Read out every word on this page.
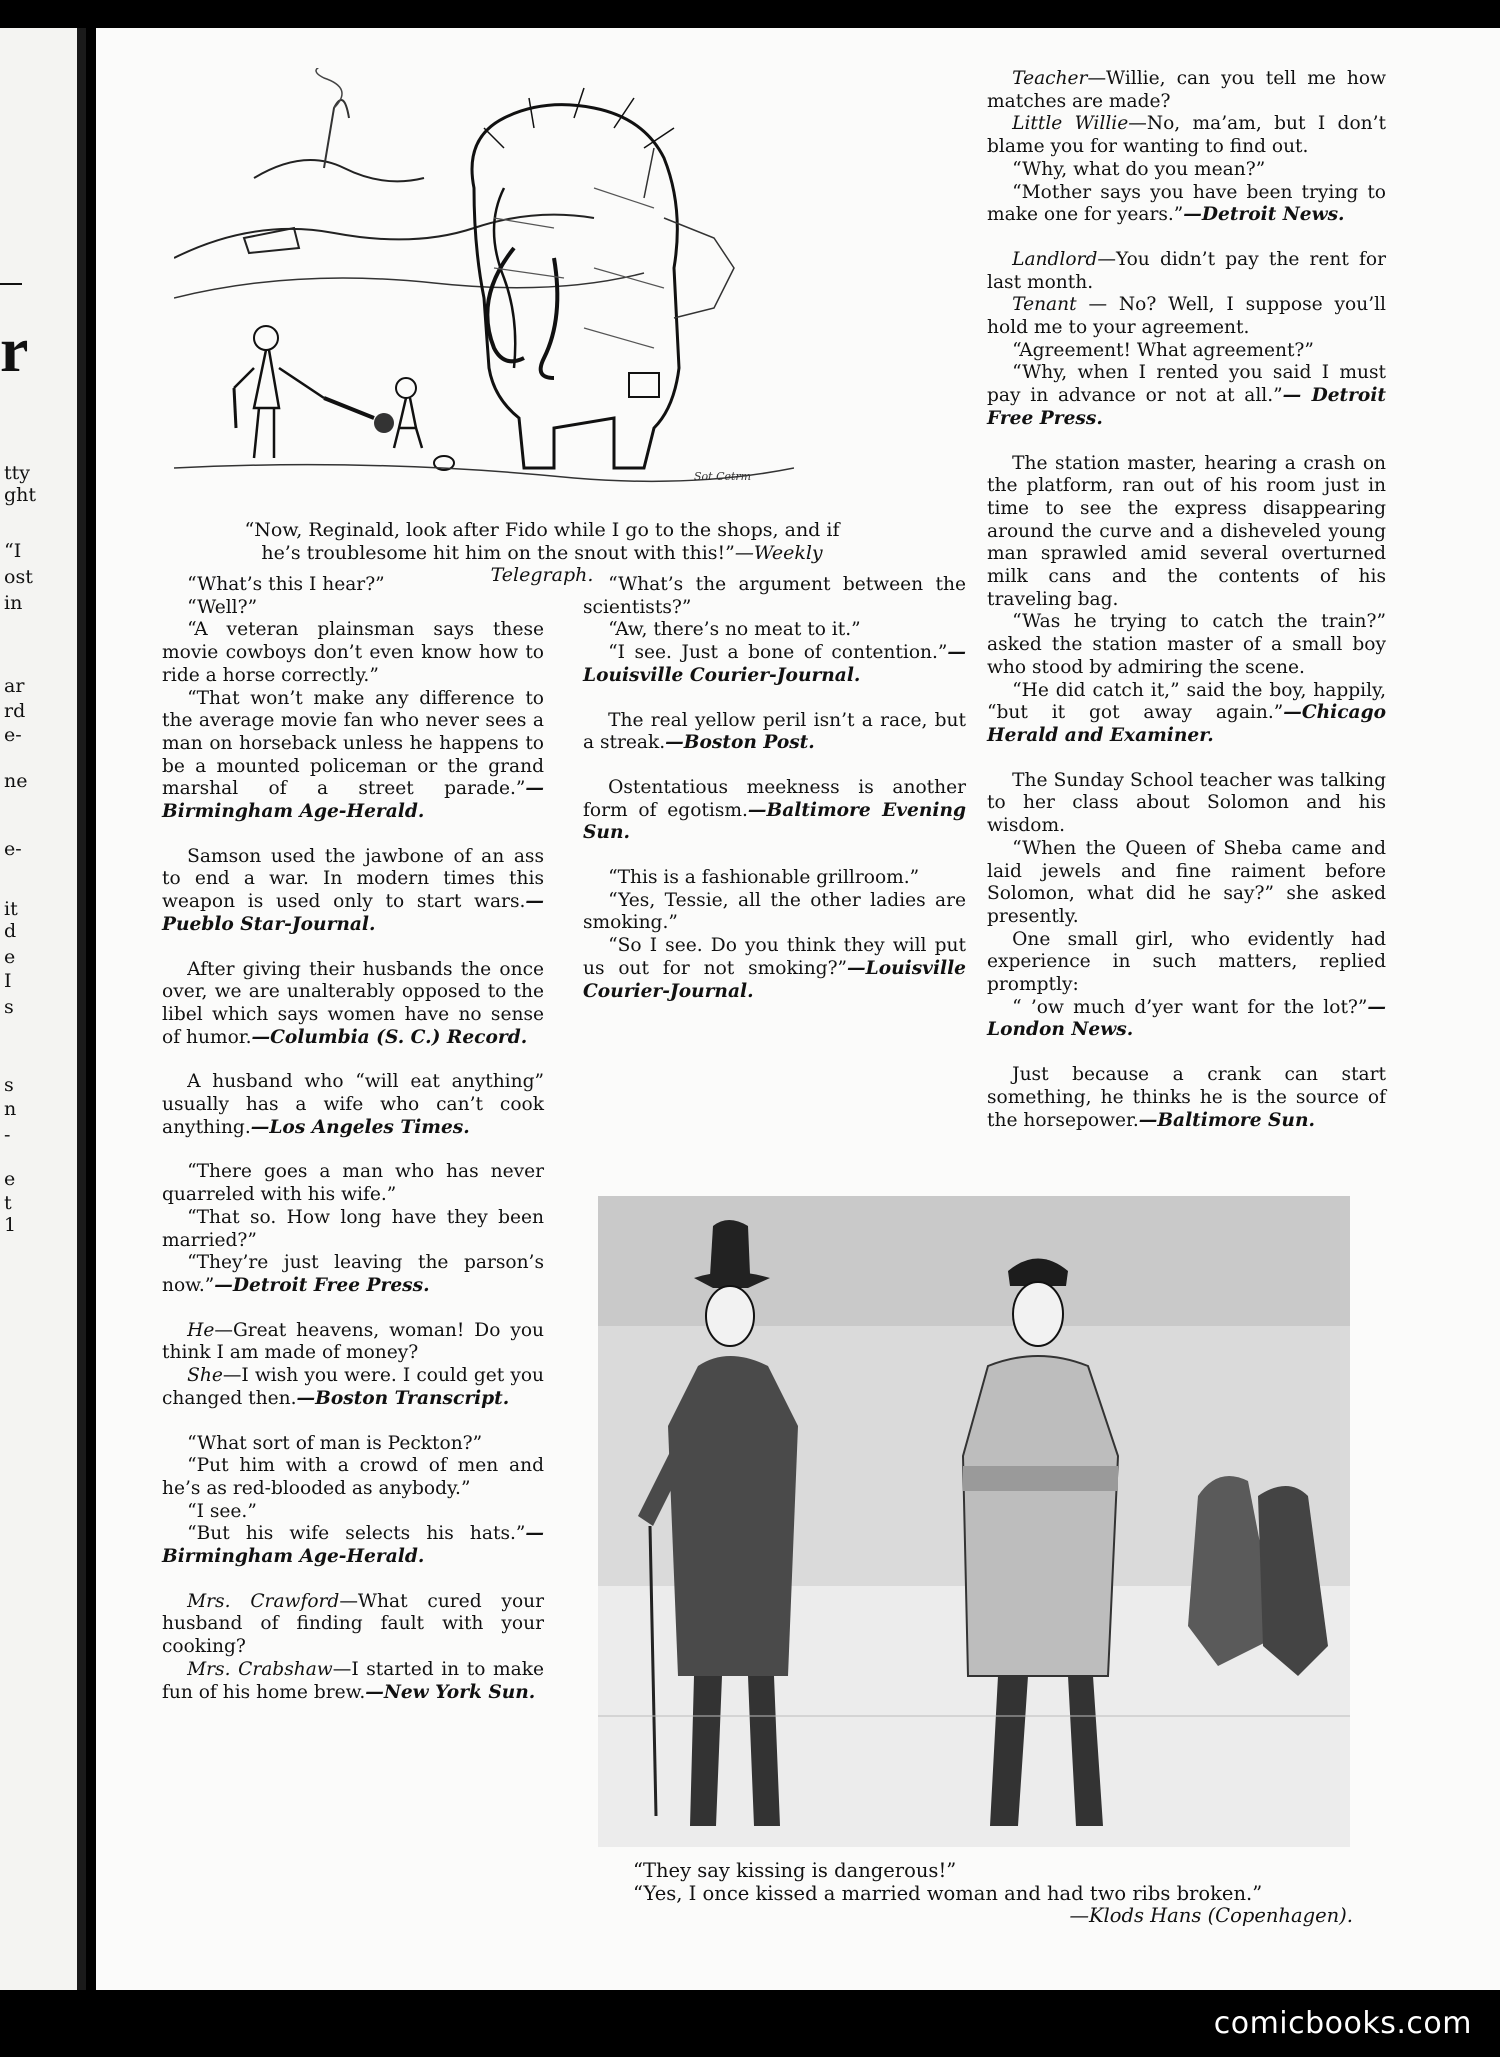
r
tty
ght
“I
ost
in
ar
rd
e-
ne
e-
it
d
e
I
s
s
n
-
e
t
1
Sot Cetrm
“Now, Reginald, look after Fido while I go to the shops, and if he’s troublesome hit him on the snout with this!”—Weekly Telegraph.

“What’s this I hear?”

“Well?”

“A veteran plainsman says these movie cowboys don’t even know how to ride a horse correctly.”

“That won’t make any difference to the average movie fan who never sees a man on horseback unless he happens to be a mounted policeman or the grand marshal of a street parade.”—Birmingham Age-Herald.

Samson used the jawbone of an ass to end a war. In modern times this weapon is used only to start wars.—Pueblo Star-Journal.

After giving their husbands the once over, we are unalterably opposed to the libel which says women have no sense of humor.—Columbia (S. C.) Record.

A husband who “will eat anything” usually has a wife who can’t cook anything.—Los Angeles Times.

“There goes a man who has never quarreled with his wife.”

“That so. How long have they been married?”

“They’re just leaving the parson’s now.”—Detroit Free Press.

He—Great heavens, woman! Do you think I am made of money?

She—I wish you were. I could get you changed then.—Boston Transcript.

“What sort of man is Peckton?”

“Put him with a crowd of men and he’s as red-blooded as anybody.”

“I see.”

“But his wife selects his hats.”—Birmingham Age-Herald.

Mrs. Crawford—What cured your husband of finding fault with your cooking?

Mrs. Crabshaw—I started in to make fun of his home brew.—New York Sun.

“What’s the argument between the scientists?”

“Aw, there’s no meat to it.”

“I see. Just a bone of contention.”—Louisville Courier-Journal.

The real yellow peril isn’t a race, but a streak.—Boston Post.

Ostentatious meekness is another form of egotism.—Baltimore Evening Sun.

“This is a fashionable grillroom.”

“Yes, Tessie, all the other ladies are smoking.”

“So I see. Do you think they will put us out for not smoking?”—Louisville Courier-Journal.

Teacher—Willie, can you tell me how matches are made?

Little Willie—No, ma’am, but I don’t blame you for wanting to find out.

“Why, what do you mean?”

“Mother says you have been trying to make one for years.”—Detroit News.

Landlord—You didn’t pay the rent for last month.

Tenant — No? Well, I suppose you’ll hold me to your agreement.

“Agreement! What agreement?”

“Why, when I rented you said I must pay in advance or not at all.”— Detroit Free Press.

The station master, hearing a crash on the platform, ran out of his room just in time to see the express disappearing around the curve and a disheveled young man sprawled amid several overturned milk cans and the contents of his traveling bag.

“Was he trying to catch the train?” asked the station master of a small boy who stood by admiring the scene.

“He did catch it,” said the boy, happily, “but it got away again.”—Chicago Herald and Examiner.

The Sunday School teacher was talking to her class about Solomon and his wisdom.

“When the Queen of Sheba came and laid jewels and fine raiment before Solomon, what did he say?” she asked presently.

One small girl, who evidently had experience in such matters, replied promptly:

“ ’ow much d’yer want for the lot?”—London News.

Just because a crank can start something, he thinks he is the source of the horsepower.—Baltimore Sun.

“They say kissing is dangerous!”
“Yes, I once kissed a married woman and had two ribs broken.”
—Klods Hans (Copenhagen).
comicbooks.com
